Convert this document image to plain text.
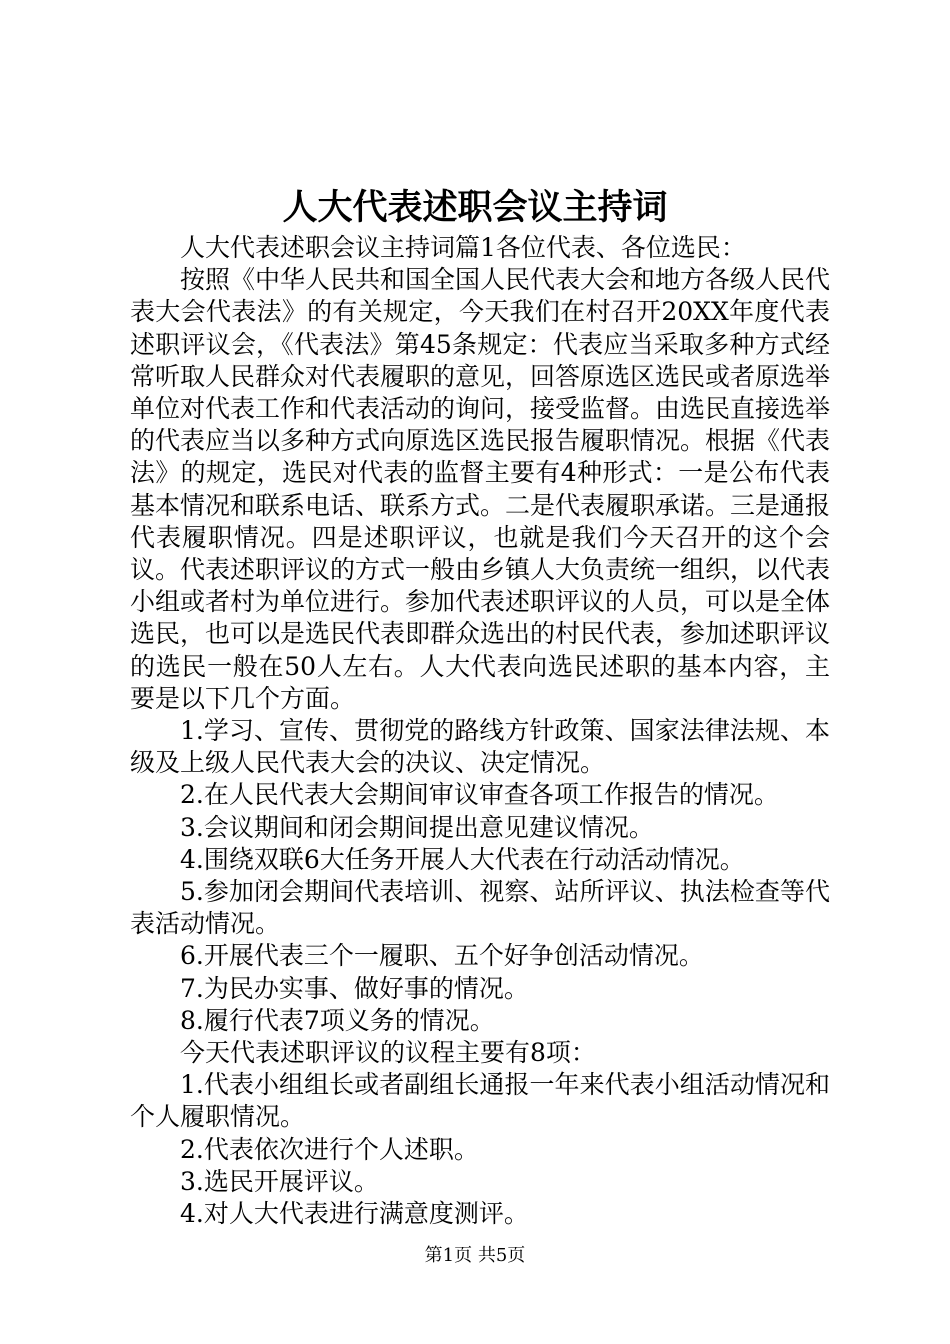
人大代表述职会议主持词

人大代表述职会议主持词篇1各位代表、各位选民：

按照《中华人民共和国全国人民代表大会和地方各级人民代表大会代表法》的有关规定，今天我们在村召开20XX年度代表述职评议会，《代表法》第45条规定：代表应当采取多种方式经常听取人民群众对代表履职的意见，回答原选区选民或者原选举单位对代表工作和代表活动的询问，接受监督。由选民直接选举的代表应当以多种方式向原选区选民报告履职情况。根据《代表法》的规定，选民对代表的监督主要有4种形式：一是公布代表基本情况和联系电话、联系方式。二是代表履职承诺。三是通报代表履职情况。四是述职评议，也就是我们今天召开的这个会议。代表述职评议的方式一般由乡镇人大负责统一组织，以代表小组或者村为单位进行。参加代表述职评议的人员，可以是全体选民，也可以是选民代表即群众选出的村民代表，参加述职评议的选民一般在50人左右。人大代表向选民述职的基本内容，主要是以下几个方面。

1.学习、宣传、贯彻党的路线方针政策、国家法律法规、本级及上级人民代表大会的决议、决定情况。

2.在人民代表大会期间审议审查各项工作报告的情况。

3.会议期间和闭会期间提出意见建议情况。

4.围绕双联6大任务开展人大代表在行动活动情况。

5.参加闭会期间代表培训、视察、站所评议、执法检查等代表活动情况。

6.开展代表三个一履职、五个好争创活动情况。

7.为民办实事、做好事的情况。

8.履行代表7项义务的情况。

今天代表述职评议的议程主要有8项：

1.代表小组组长或者副组长通报一年来代表小组活动情况和个人履职情况。

2.代表依次进行个人述职。

3.选民开展评议。

4.对人大代表进行满意度测评。

第1页 共5页
